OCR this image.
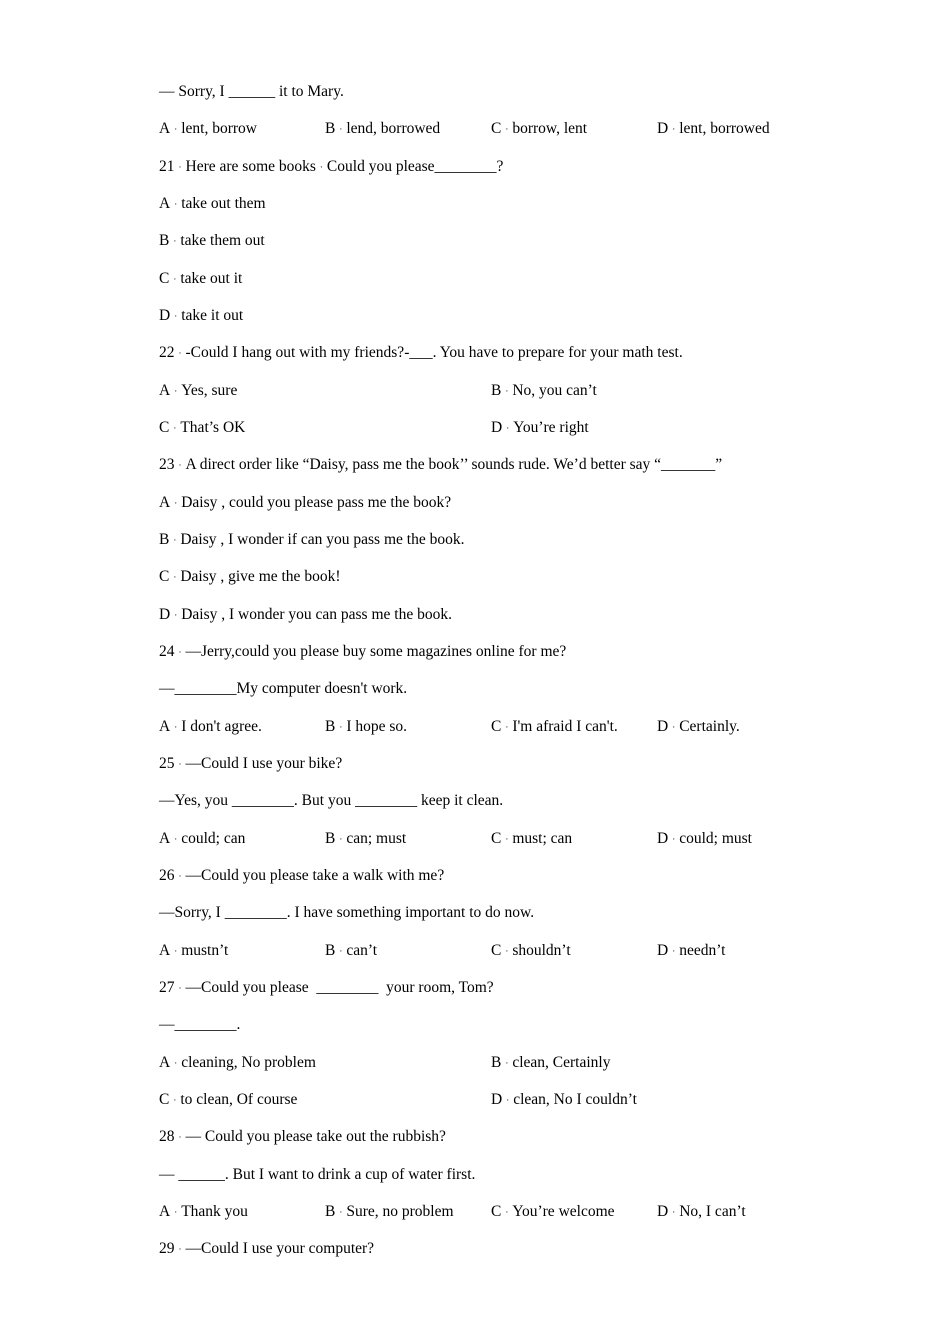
— Sorry, I ______ it to Mary.
A · lent, borrow	B · lend, borrowed	C · borrow, lent	D · lent, borrowed
21 · Here are some books · Could you please________?
A · take out them
B · take them out
C · take out it
D · take it out
22 · -Could I hang out with my friends?-___. You have to prepare for your math test.
A · Yes, sure	B · No, you can’t
C · That’s OK	D · You’re right
23 · A direct order like “Daisy, pass me the book’’ sounds rude. We’d better say “_______”
A · Daisy , could you please pass me the book?
B · Daisy , I wonder if can you pass me the book.
C · Daisy , give me the book!
D · Daisy , I wonder you can pass me the book.
24 · —Jerry,could you please buy some magazines online for me?
—________My computer doesn't work.
A · I don't agree.	B · I hope so.	C · I'm afraid I can't.	D · Certainly.
25 · —Could I use your bike?
—Yes, you ________. But you ________ keep it clean.
A · could; can	B · can; must	C · must; can	D · could; must
26 · —Could you please take a walk with me?
—Sorry, I ________. I have something important to do now.
A · mustn’t	B · can’t	C · shouldn’t	D · needn’t
27 · —Could you please  ________  your room, Tom?
—________.
A · cleaning, No problem	B · clean, Certainly
C · to clean, Of course	D · clean, No I couldn’t
28 · — Could you please take out the rubbish?
— ______. But I want to drink a cup of water first.
A · Thank you	B · Sure, no problem C · You’re welcome	D · No, I can’t
29 · —Could I use your computer?
